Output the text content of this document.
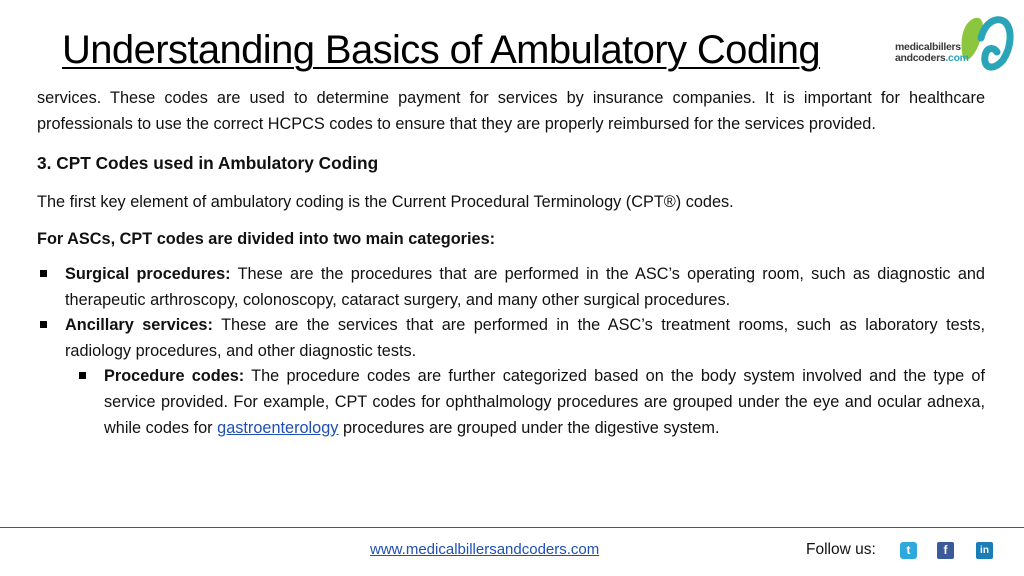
Understanding Basics of Ambulatory Coding	medicalbillers
andcoders.com

services. These codes are used to determine payment for services by insurance companies. It is important for healthcare professionals to use the correct HCPCS codes to ensure that they are properly reimbursed for the services provided.

3. CPT Codes used in Ambulatory Coding

The first key element of ambulatory coding is the Current Procedural Terminology (CPT®) codes.

For ASCs, CPT codes are divided into two main categories:

Surgical procedures: These are the procedures that are performed in the ASC’s operating room, such as diagnostic and therapeutic arthroscopy, colonoscopy, cataract surgery, and many other surgical procedures.
Ancillary services: These are the services that are performed in the ASC’s treatment rooms, such as laboratory tests, radiology procedures, and other diagnostic tests.
Procedure codes: The procedure codes are further categorized based on the body system involved and the type of service provided. For example, CPT codes for ophthalmology procedures are grouped under the eye and ocular adnexa, while codes for gastroenterology procedures are grouped under the digestive system.
www.medicalbillersandcoders.com	Follow us:	t	f	in
